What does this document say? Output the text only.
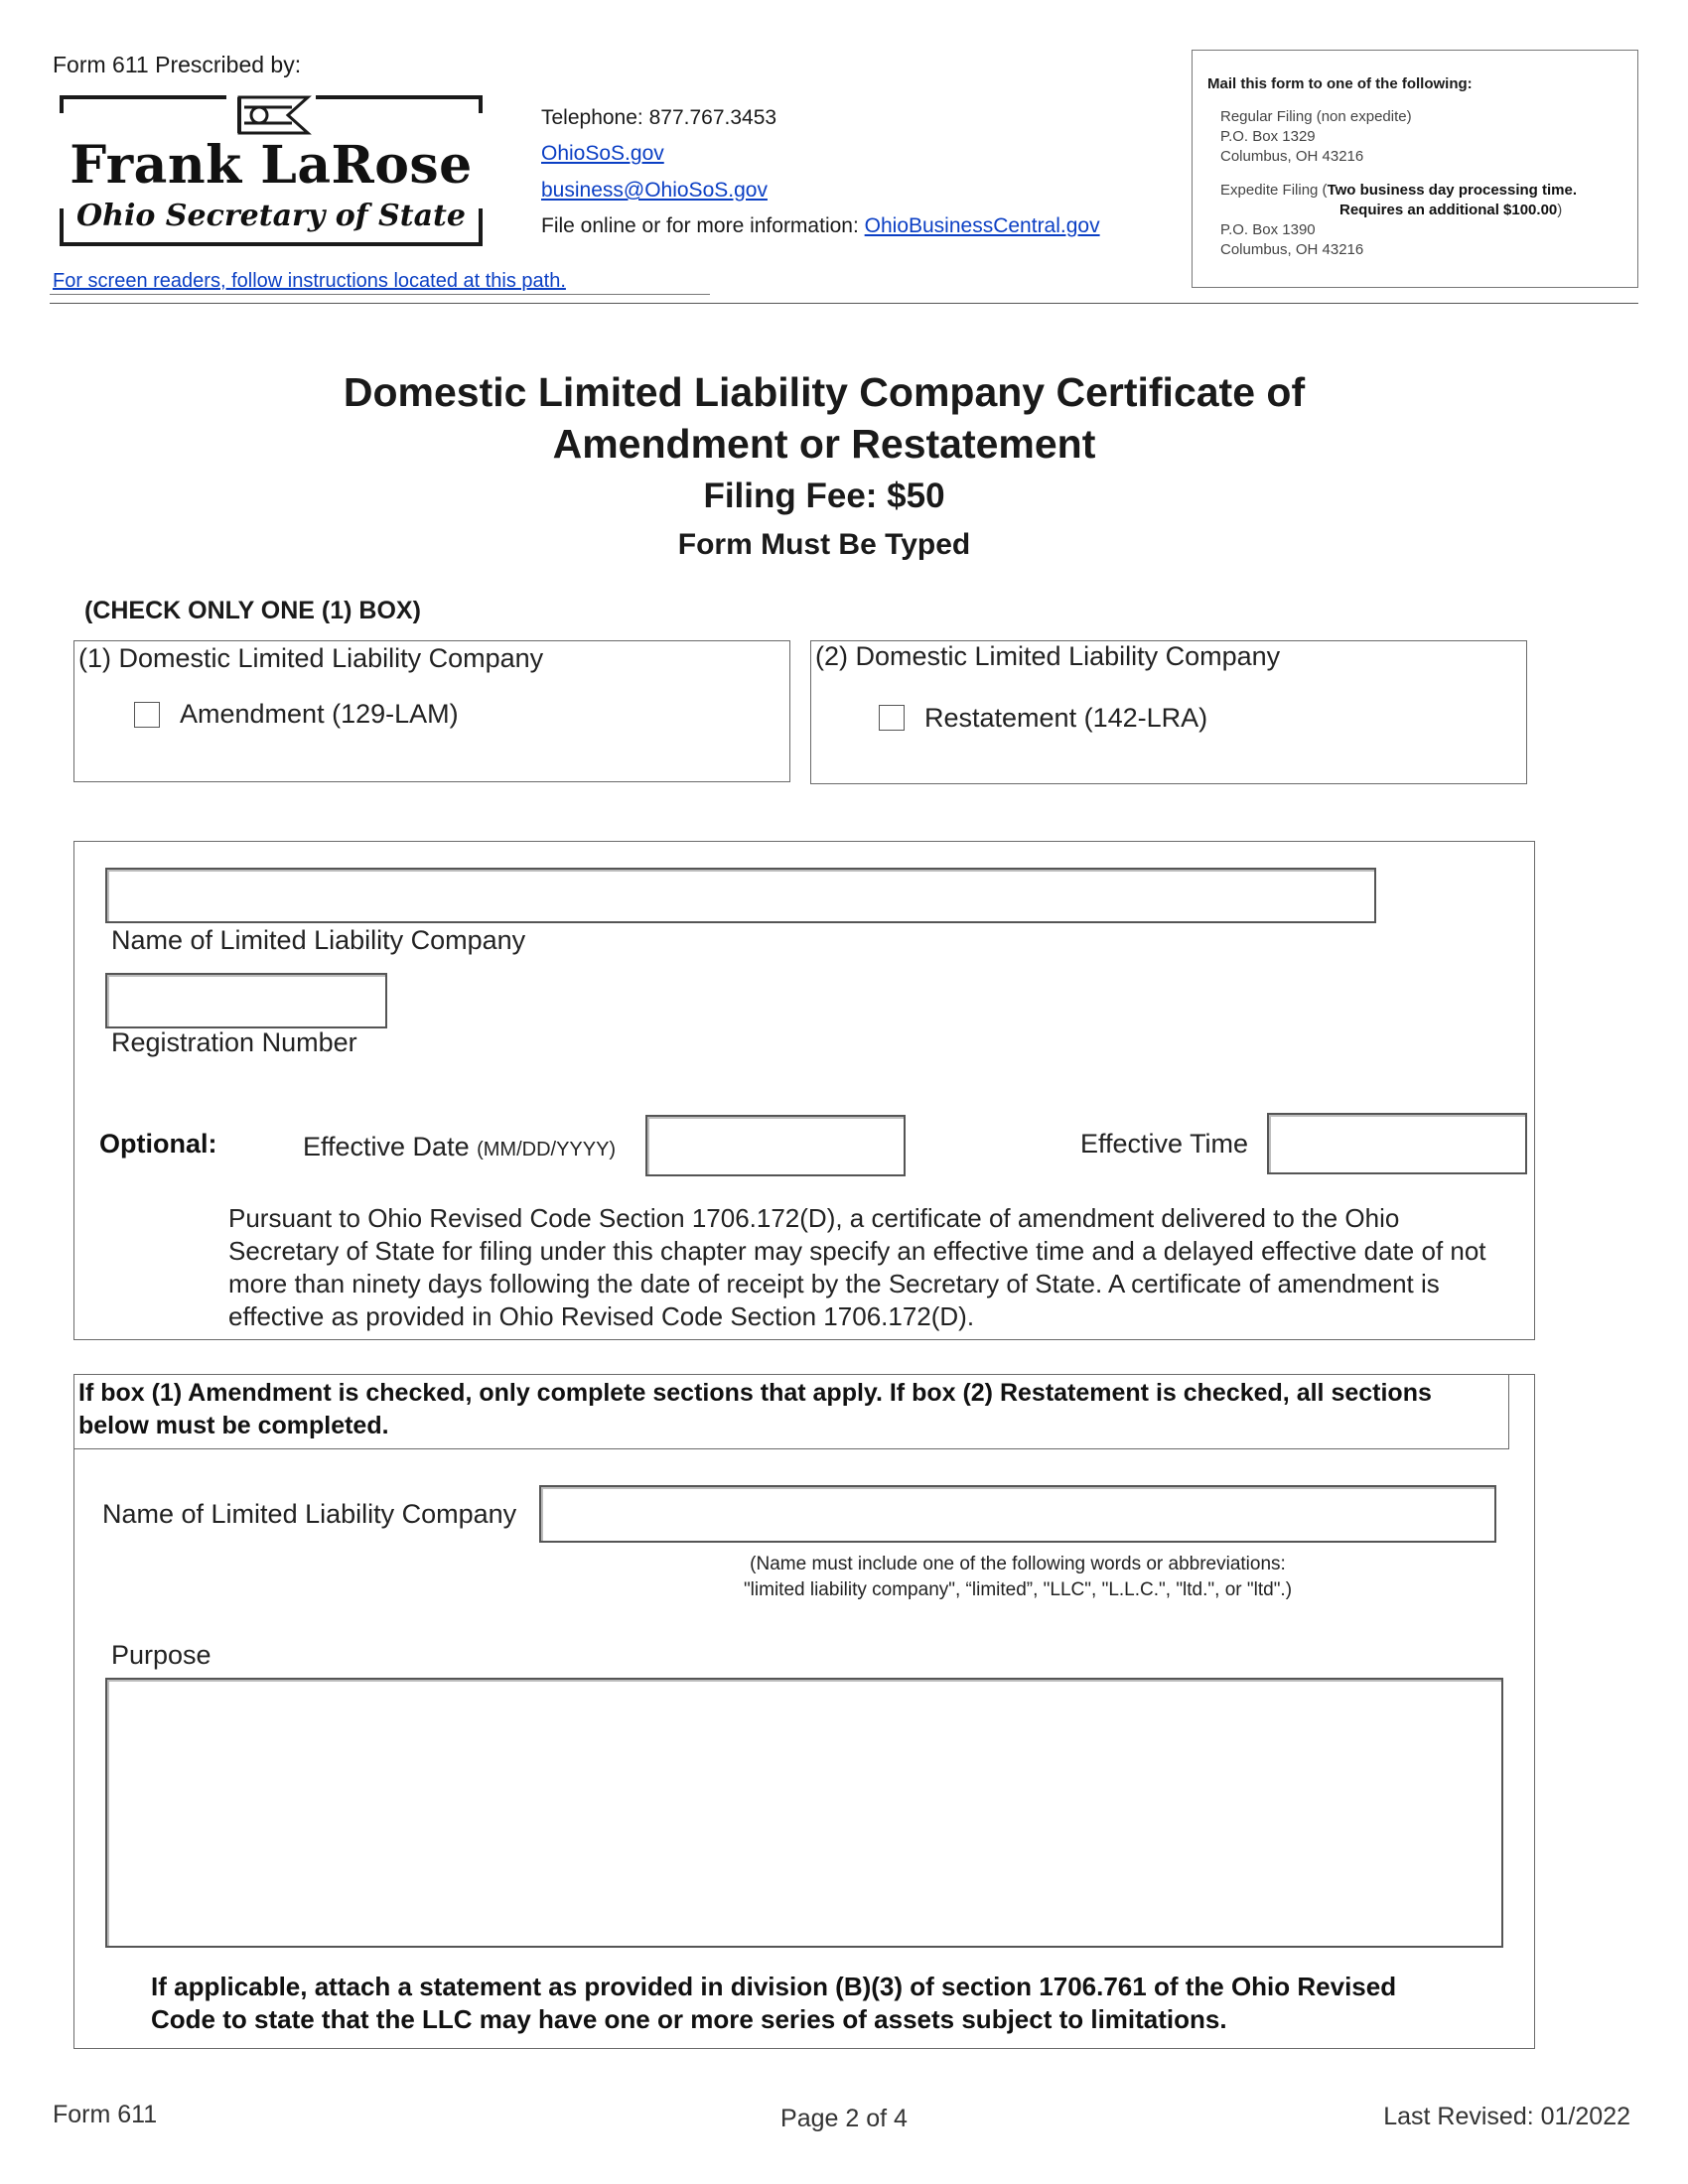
Form 611 Prescribed by:
Frank LaRose
Ohio Secretary of State
Telephone: 877.767.3453
OhioSoS.gov
business@OhioSoS.gov
File online or for more information: OhioBusinessCentral.gov
For screen readers, follow instructions located at this path.
Mail this form to one of the following:
Regular Filing (non expedite)
P.O. Box 1329
Columbus, OH 43216
Expedite Filing (Two business day processing time.
Requires an additional $100.00)
P.O. Box 1390
Columbus, OH 43216
Domestic Limited Liability Company Certificate of
Amendment or Restatement
Filing Fee: $50
Form Must Be Typed
(CHECK ONLY ONE (1) BOX)
(1) Domestic Limited Liability Company
Amendment (129-LAM)
(2) Domestic Limited Liability Company
Restatement (142-LRA)
Name of Limited Liability Company
Registration Number
Optional:	Effective Date (MM/DD/YYYY)	Effective Time
Pursuant to Ohio Revised Code Section 1706.172(D), a certificate of amendment delivered to the Ohio Secretary of State for filing under this chapter may specify an effective time and a delayed effective date of not more than ninety days following the date of receipt by the Secretary of State. A certificate of amendment is effective as provided in Ohio Revised Code Section 1706.172(D).
If box (1) Amendment is checked, only complete sections that apply. If box (2) Restatement is checked, all sections below must be completed.
Name of Limited Liability Company
(Name must include one of the following words or abbreviations:
"limited liability company", “limited”, "LLC", "L.L.C.", "ltd.", or "ltd".)
Purpose
If applicable, attach a statement as provided in division (B)(3) of section 1706.761 of the Ohio Revised Code to state that the LLC may have one or more series of assets subject to limitations.
Form 611	Page 2 of 4	Last Revised: 01/2022
